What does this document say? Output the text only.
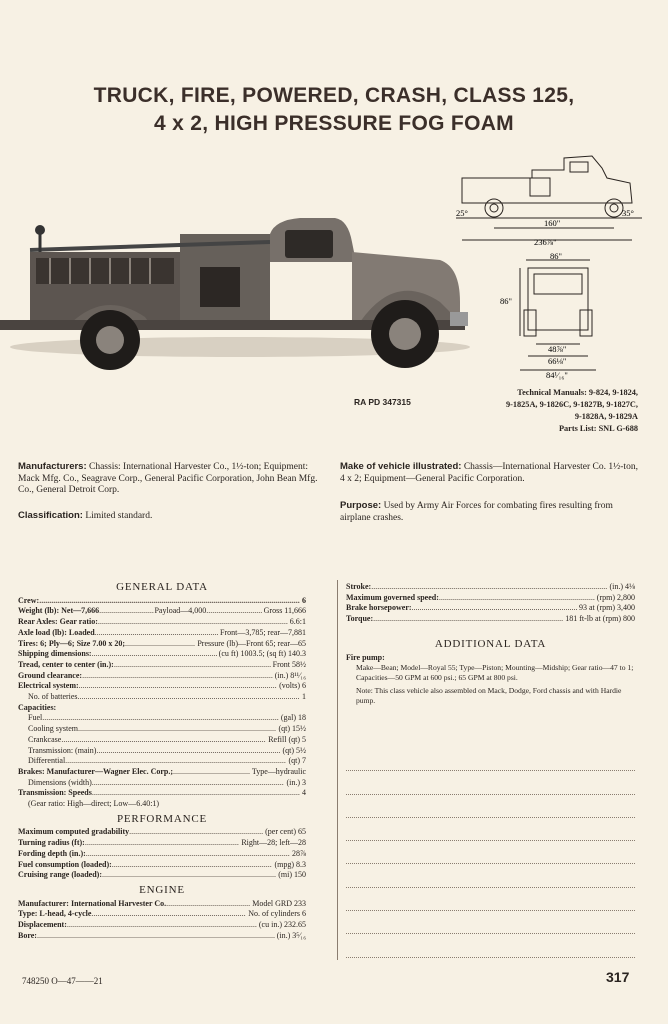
TRUCK, FIRE, POWERED, CRASH, CLASS 125,
4 x 2, HIGH PRESSURE FOG FOAM
25°	35°
160"
236⅞"
86"
86"
48⅞"
66⅛"
84¹⁄₁₆"
RA PD 347315
Technical Manuals: 9-824, 9-1824,
9-1825A, 9-1826C, 9-1827B, 9-1827C,
9-1828A, 9-1829A
Parts List: SNL G-688
Manufacturers: Chassis: International Harvester Co., 1½-ton; Equipment: Mack Mfg. Co., Seagrave Corp., General Pacific Corporation, John Bean Mfg. Co., General Detroit Corp.
Classification: Limited standard.
Make of vehicle illustrated: Chassis—International Harvester Co. 1½-ton, 4 x 2; Equipment—General Pacific Corporation.
Purpose: Used by Army Air Forces for combating fires resulting from airplane crashes.
GENERAL DATA
Crew: .....	6
Weight (lb): Net—7,666 .....	Payload—4,000 .....	Gross 11,666
Rear Axles: Gear ratio: .....	6.6:1
Axle load (lb): Loaded .....	Front—3,785; rear—7,881
Tires: 6; Ply—6; Size 7.00 x 20; .....	Pressure (lb)—Front 65; rear—65
Shipping dimensions: .....	(cu ft) 1003.5; (sq ft) 140.3
Tread, center to center (in.): .....	Front 58½
Ground clearance: .....	(in.) 8¹¹⁄₁₆
Electrical system: .....	(volts) 6
No. of batteries .....	1
Capacities:
Fuel .....	(gal) 18
Cooling system .....	(qt) 15½
Crankcase .....	Refill (qt) 5
Transmission: (main) .....	(qt) 5½
Differential .....	(qt) 7
Brakes: Manufacturer—Wagner Elec. Corp.; .....	Type—hydraulic
Dimensions (width) .....	(in.) 3
Transmission: Speeds .....	4
(Gear ratio: High—direct; Low—6.40:1)
PERFORMANCE
Maximum computed gradability .....	(per cent) 65
Turning radius (ft): .....	Right—28; left—28
Fording depth (in.): .....	28⅞
Fuel consumption (loaded): .....	(mpg) 8.3
Cruising range (loaded): .....	(mi) 150
ENGINE
Manufacturer: International Harvester Co. .....	Model GRD 233
Type: L-head, 4-cycle .....	No. of cylinders 6
Displacement: .....	(cu in.) 232.65
Bore: .....	(in.) 3⁵⁄₁₆
Stroke: .....	(in.) 4⅛
Maximum governed speed: .....	(rpm) 2,800
Brake horsepower: .....	93 at (rpm) 3,400
Torque: .....	181 ft-lb at (rpm) 800
ADDITIONAL DATA
Fire pump:
Make—Bean; Model—Royal 55; Type—Piston; Mounting—Midship; Gear ratio—47 to 1; Capacities—50 GPM at 600 psi.; 65 GPM at 800 psi.
Note: This class vehicle also assembled on Mack, Dodge, Ford chassis and with Hardie pump.
748250 O—47——21	317
